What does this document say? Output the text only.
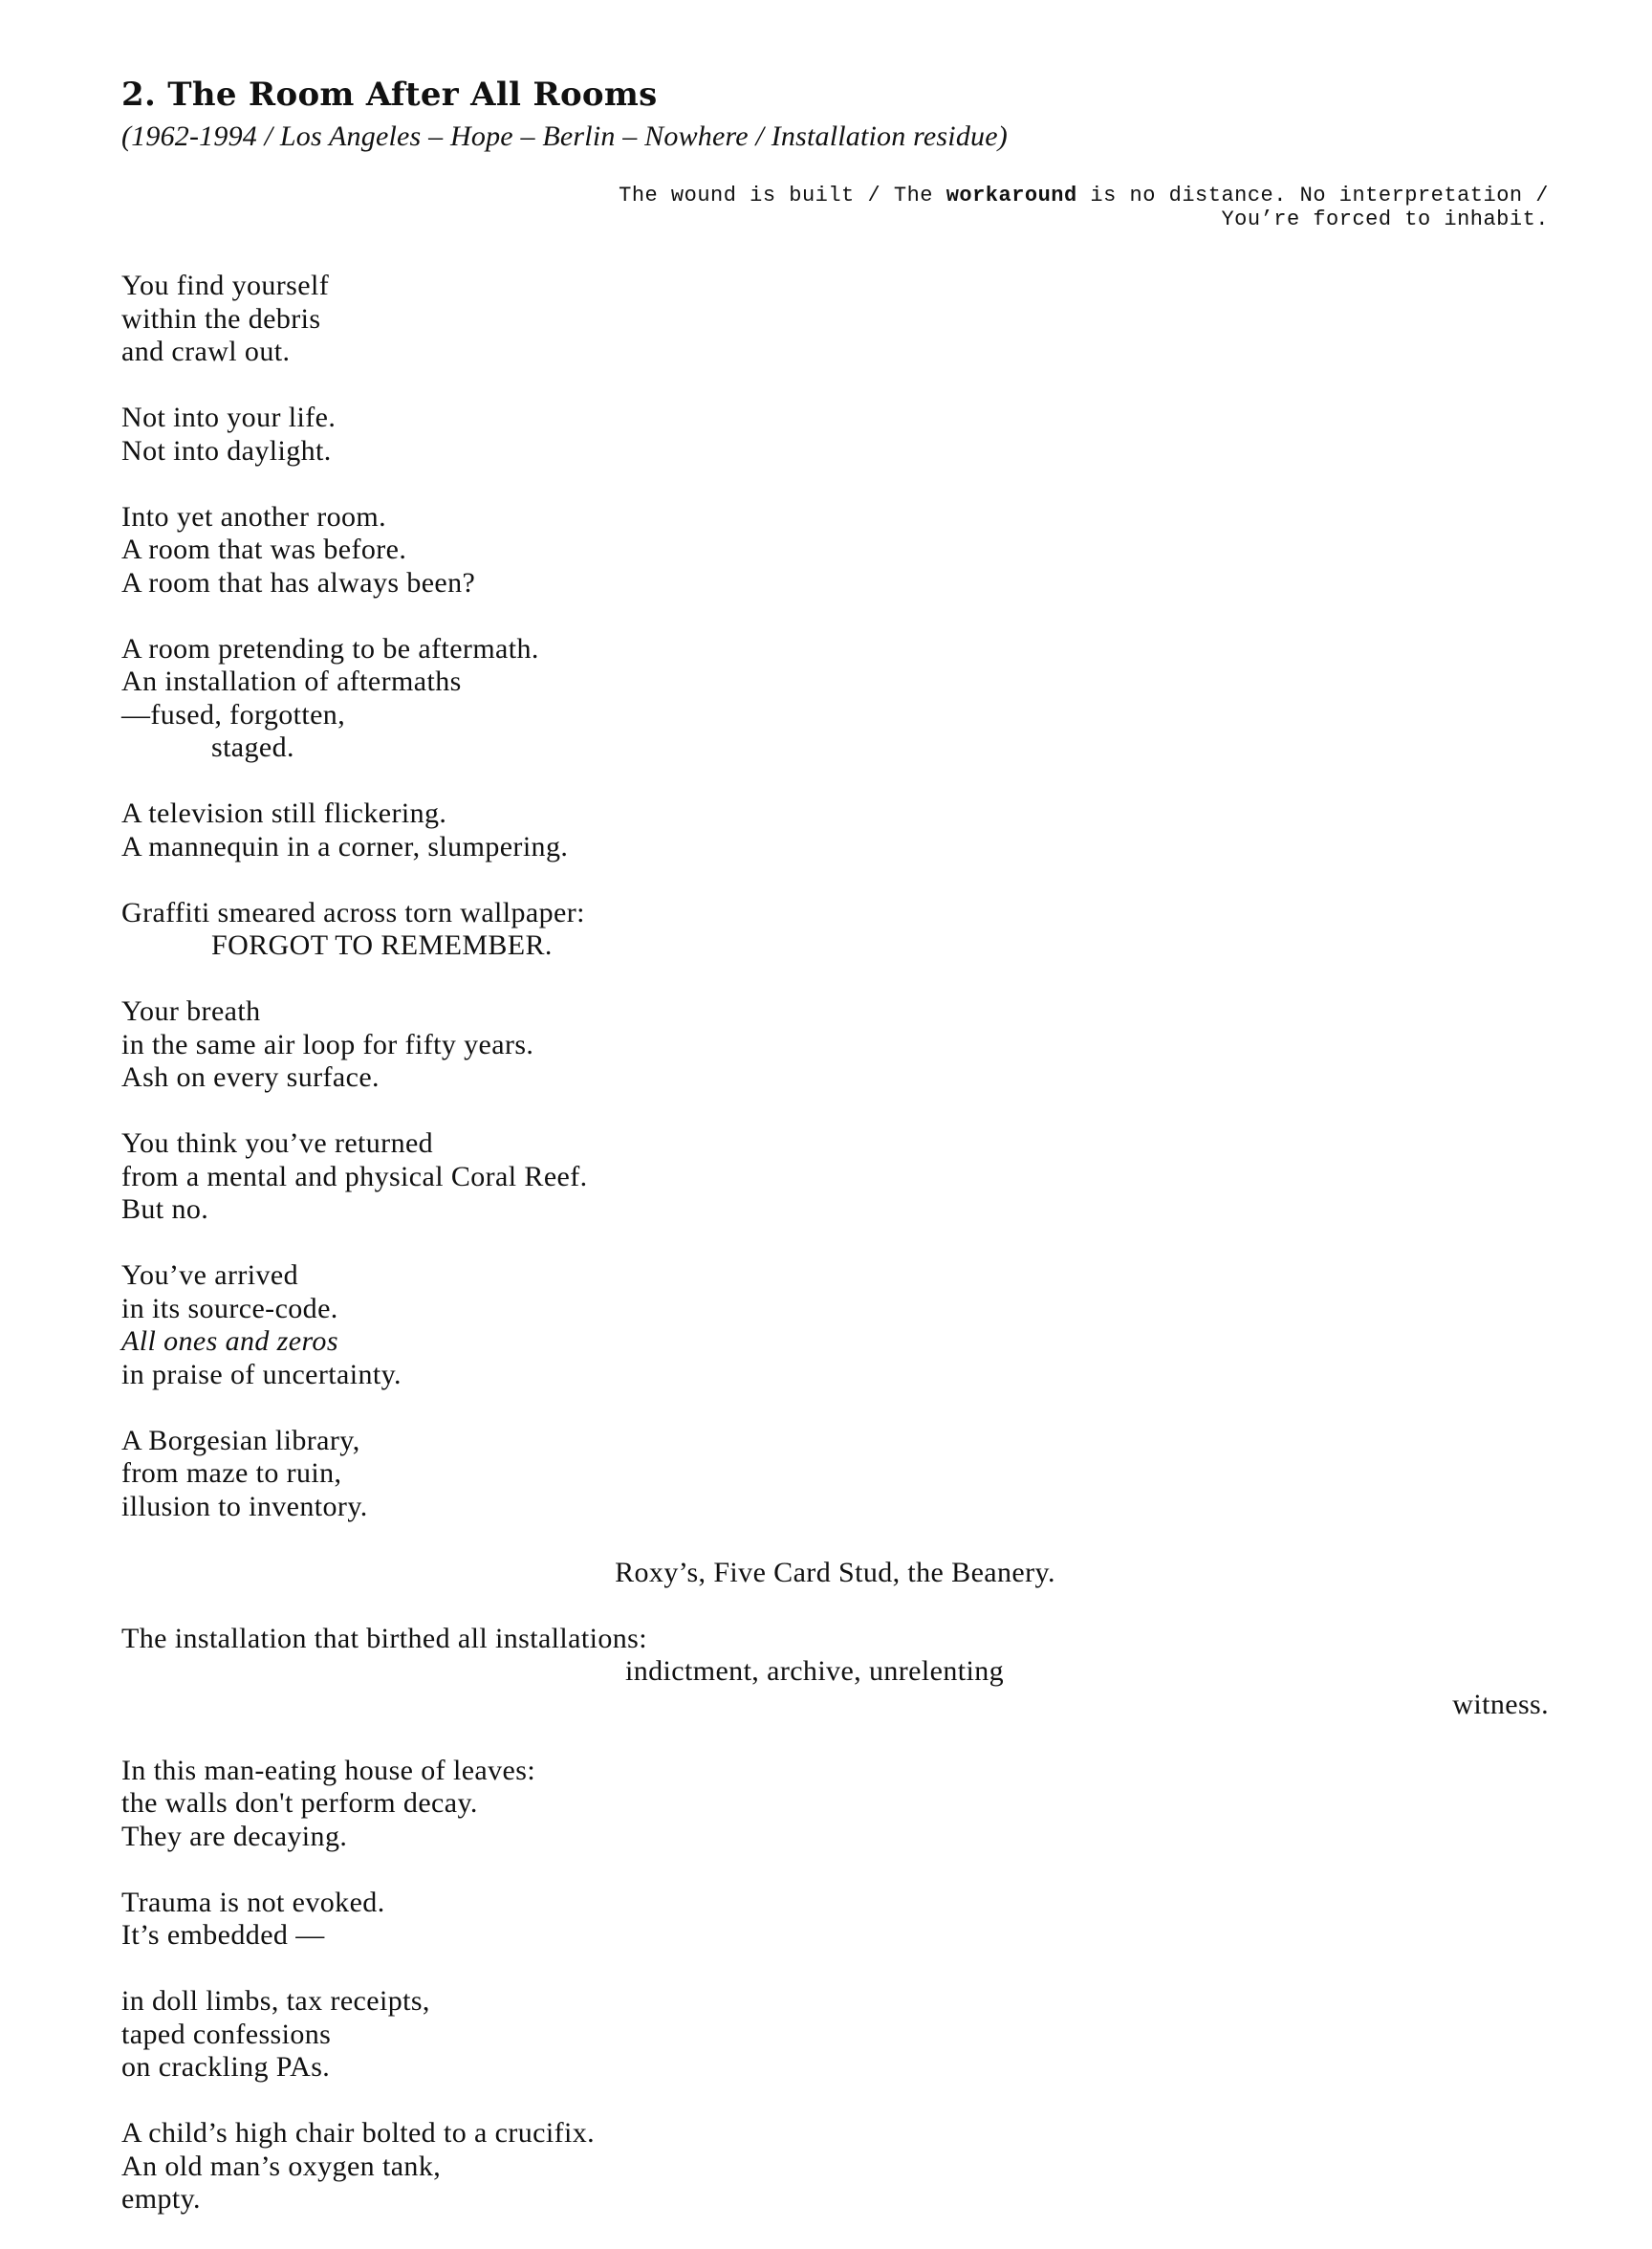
2. The Room After All Rooms

(1962-1994 / Los Angeles – Hope – Berlin – Nowhere / Installation residue)

The wound is built / The workaround is no distance. No interpretation /
You’re forced to inhabit.
You find yourself
within the debris
and crawl out.
Not into your life.
Not into daylight.
Into yet another room.
A room that was before.
A room that has always been?
A room pretending to be aftermath.
An installation of aftermaths
—fused, forgotten,
staged.
A television still flickering.
A mannequin in a corner, slumpering.
Graffiti smeared across torn wallpaper:
FORGOT TO REMEMBER.
Your breath
in the same air loop for fifty years.
Ash on every surface.
You think you’ve returned
from a mental and physical Coral Reef.
But no.
You’ve arrived
in its source-code.
All ones and zeros
in praise of uncertainty.
A Borgesian library,
from maze to ruin,
illusion to inventory.
Roxy’s, Five Card Stud, the Beanery.
The installation that birthed all installations:
indictment, archive, unrelenting
witness.
In this man-eating house of leaves:
the walls don't perform decay.
They are decaying.
Trauma is not evoked.
It’s embedded —
in doll limbs, tax receipts,
taped confessions
on crackling PAs.
A child’s high chair bolted to a crucifix.
An old man’s oxygen tank,
empty.
